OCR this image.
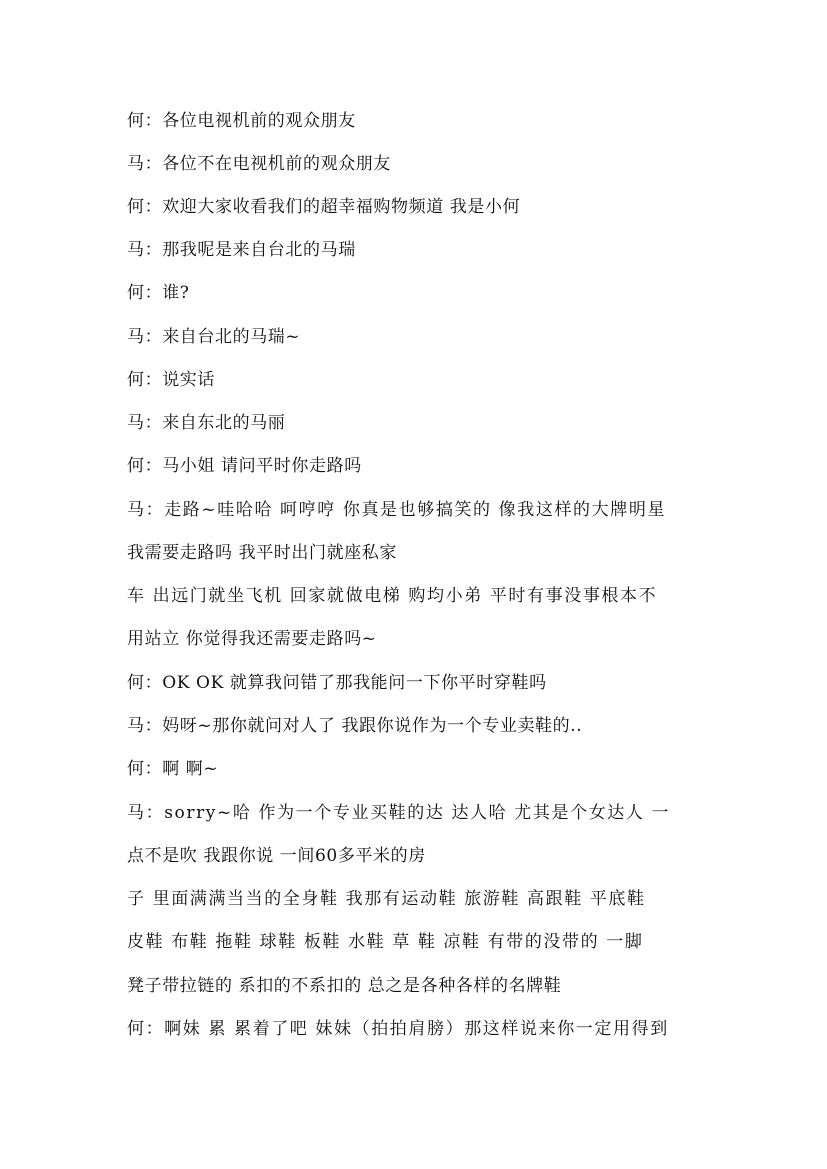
何：各位电视机前的观众朋友
马：各位不在电视机前的观众朋友
何：欢迎大家收看我们的超幸福购物频道 我是小何
马：那我呢是来自台北的马瑞
何：谁?
马：来自台北的马瑞~
何：说实话
马：来自东北的马丽
何：马小姐 请问平时你走路吗
马：走路~哇哈哈 呵哼哼 你真是也够搞笑的 像我这样的大牌明星
我需要走路吗 我平时出门就座私家
车 出远门就坐飞机 回家就做电梯 购均小弟 平时有事没事根本不
用站立 你觉得我还需要走路吗~
何：OK OK 就算我问错了那我能问一下你平时穿鞋吗
马：妈呀~那你就问对人了 我跟你说作为一个专业卖鞋的..
何：啊 啊~
马：sorry~哈 作为一个专业买鞋的达 达人哈 尤其是个女达人 一
点不是吹 我跟你说 一间60多平米的房
子 里面满满当当的全身鞋 我那有运动鞋 旅游鞋 高跟鞋 平底鞋
皮鞋 布鞋 拖鞋 球鞋 板鞋 水鞋 草 鞋 凉鞋 有带的没带的 一脚
凳子带拉链的 系扣的不系扣的 总之是各种各样的名牌鞋
何：啊妹 累 累着了吧 妹妹（拍拍肩膀）那这样说来你一定用得到
